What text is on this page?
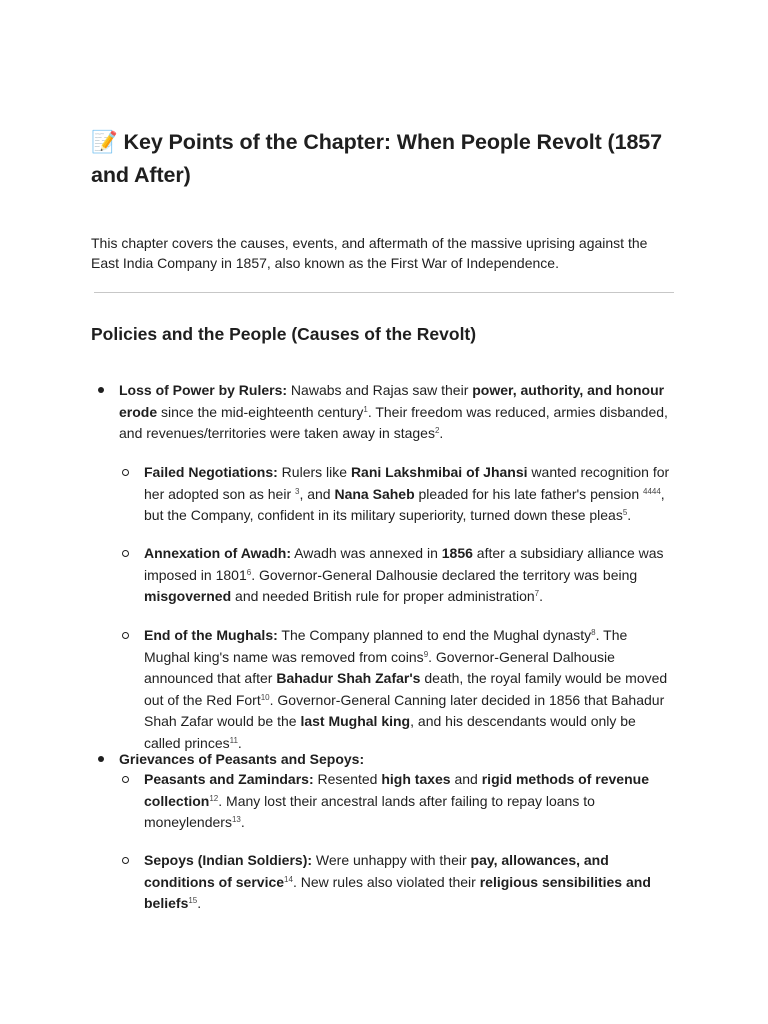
📝 Key Points of the Chapter: When People Revolt (1857 and After)

This chapter covers the causes, events, and aftermath of the massive uprising against the East India Company in 1857, also known as the First War of Independence.

Policies and the People (Causes of the Revolt)
Loss of Power by Rulers: Nawabs and Rajas saw their power, authority, and honour erode since the mid-eighteenth century$^1$. Their freedom was reduced, armies disbanded, and revenues/territories were taken away in stages$^2$.
Failed Negotiations: Rulers like Rani Lakshmibai of Jhansi wanted recognition for her adopted son as heir $^3$, and Nana Saheb pleaded for his late father's pension $^{4444}$, but the Company, confident in its military superiority, turned down these pleas$^5$.
Annexation of Awadh: Awadh was annexed in 1856 after a subsidiary alliance was imposed in 1801$^6$. Governor-General Dalhousie declared the territory was being misgoverned and needed British rule for proper administration$^7$.
End of the Mughals: The Company planned to end the Mughal dynasty$^8$. The Mughal king's name was removed from coins$^9$. Governor-General Dalhousie announced that after Bahadur Shah Zafar's death, the royal family would be moved out of the Red Fort$^{10}$. Governor-General Canning later decided in 1856 that Bahadur Shah Zafar would be the last Mughal king, and his descendants would only be called princes$^{11}$.
Grievances of Peasants and Sepoys:
Peasants and Zamindars: Resented high taxes and rigid methods of revenue collection$^{12}$. Many lost their ancestral lands after failing to repay loans to moneylenders$^{13}$.
Sepoys (Indian Soldiers): Were unhappy with their pay, allowances, and conditions of service$^{14}$. New rules also violated their religious sensibilities and beliefs$^{15}$.
